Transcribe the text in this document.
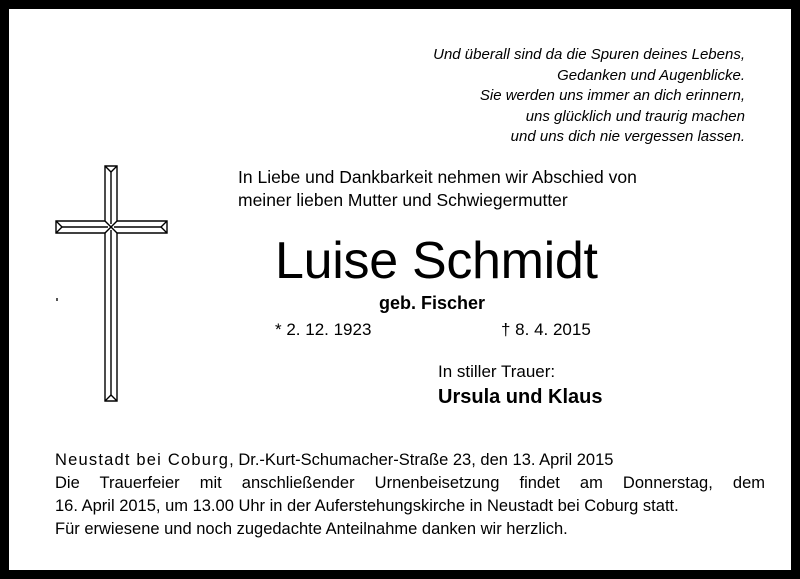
Und überall sind da die Spuren deines Lebens,
Gedanken und Augenblicke.
Sie werden uns immer an dich erinnern,
uns glücklich und traurig machen
und uns dich nie vergessen lassen.
In Liebe und Dankbarkeit nehmen wir Abschied von
meiner lieben Mutter und Schwiegermutter
Luise Schmidt
geb. Fischer
* 2. 12. 1923	† 8. 4. 2015
In stiller Trauer:
Ursula und Klaus
Neustadt bei Coburg, Dr.-Kurt-Schumacher-Straße 23, den 13. April 2015
Die Trauerfeier mit anschließender Urnenbeisetzung findet am Donnerstag, dem
16. April 2015, um 13.00 Uhr in der Auferstehungskirche in Neustadt bei Coburg statt.
Für erwiesene und noch zugedachte Anteilnahme danken wir herzlich.
